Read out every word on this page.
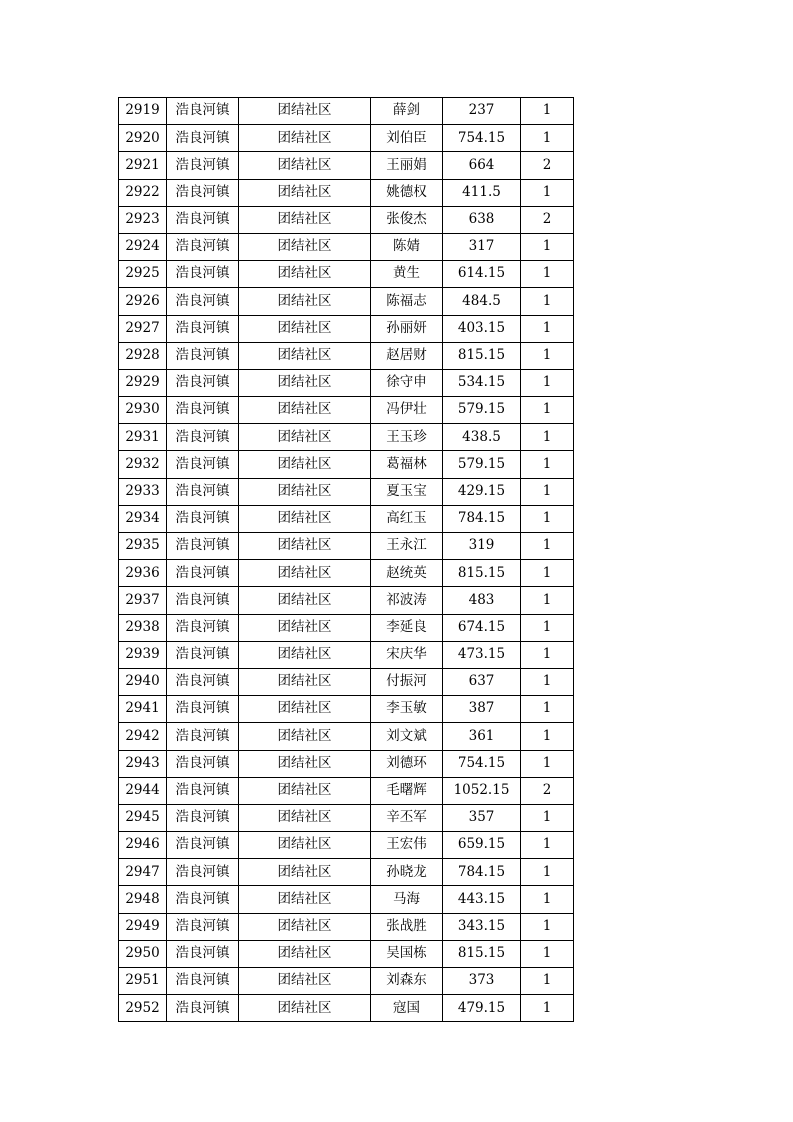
2919	浩良河镇	团结社区	薛剑	237	1
2920	浩良河镇	团结社区	刘伯臣	754.15	1
2921	浩良河镇	团结社区	王丽娟	664	2
2922	浩良河镇	团结社区	姚德权	411.5	1
2923	浩良河镇	团结社区	张俊杰	638	2
2924	浩良河镇	团结社区	陈婧	317	1
2925	浩良河镇	团结社区	黄生	614.15	1
2926	浩良河镇	团结社区	陈福志	484.5	1
2927	浩良河镇	团结社区	孙丽妍	403.15	1
2928	浩良河镇	团结社区	赵居财	815.15	1
2929	浩良河镇	团结社区	徐守申	534.15	1
2930	浩良河镇	团结社区	冯伊壮	579.15	1
2931	浩良河镇	团结社区	王玉珍	438.5	1
2932	浩良河镇	团结社区	葛福林	579.15	1
2933	浩良河镇	团结社区	夏玉宝	429.15	1
2934	浩良河镇	团结社区	高红玉	784.15	1
2935	浩良河镇	团结社区	王永江	319	1
2936	浩良河镇	团结社区	赵统英	815.15	1
2937	浩良河镇	团结社区	祁波涛	483	1
2938	浩良河镇	团结社区	李延良	674.15	1
2939	浩良河镇	团结社区	宋庆华	473.15	1
2940	浩良河镇	团结社区	付振河	637	1
2941	浩良河镇	团结社区	李玉敏	387	1
2942	浩良河镇	团结社区	刘文斌	361	1
2943	浩良河镇	团结社区	刘德环	754.15	1
2944	浩良河镇	团结社区	毛曙辉	1052.15	2
2945	浩良河镇	团结社区	辛丕军	357	1
2946	浩良河镇	团结社区	王宏伟	659.15	1
2947	浩良河镇	团结社区	孙晓龙	784.15	1
2948	浩良河镇	团结社区	马海	443.15	1
2949	浩良河镇	团结社区	张战胜	343.15	1
2950	浩良河镇	团结社区	吴国栋	815.15	1
2951	浩良河镇	团结社区	刘森东	373	1
2952	浩良河镇	团结社区	寇国	479.15	1
